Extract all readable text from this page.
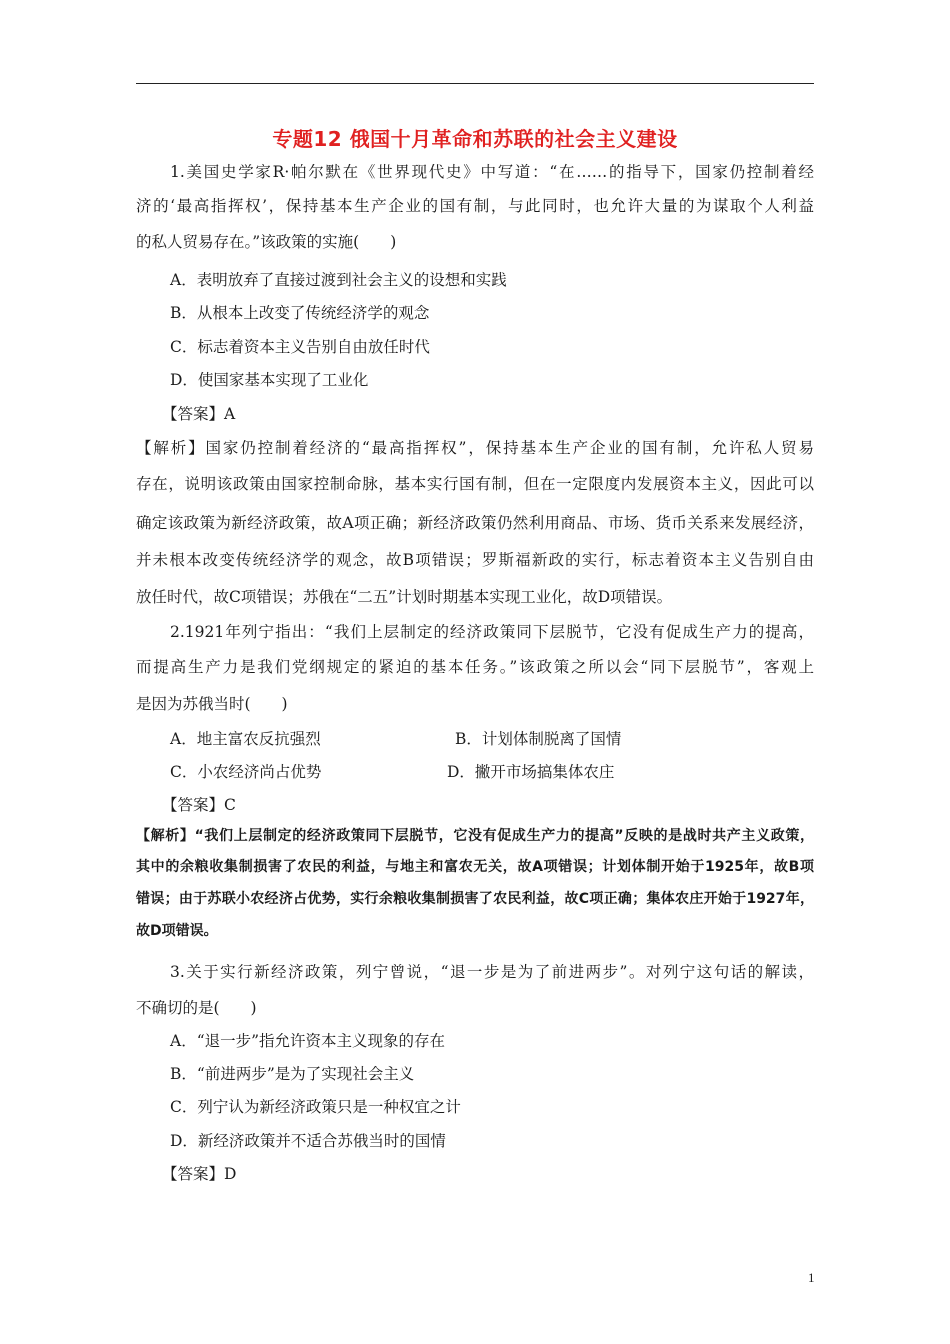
专题12 俄国十月革命和苏联的社会主义建设
1.美国史学家R·帕尔默在《世界现代史》中写道：“在……的指导下，国家仍控制着经
济的‘最高指挥权’，保持基本生产企业的国有制，与此同时，也允许大量的为谋取个人利益
的私人贸易存在。”该政策的实施(　　)
A．表明放弃了直接过渡到社会主义的设想和实践
B．从根本上改变了传统经济学的观念
C．标志着资本主义告别自由放任时代
D．使国家基本实现了工业化
【答案】A
【解析】国家仍控制着经济的“最高指挥权”，保持基本生产企业的国有制，允许私人贸易
存在，说明该政策由国家控制命脉，基本实行国有制，但在一定限度内发展资本主义，因此可以
确定该政策为新经济政策，故A项正确；新经济政策仍然利用商品、市场、货币关系来发展经济，
并未根本改变传统经济学的观念，故B项错误；罗斯福新政的实行，标志着资本主义告别自由
放任时代，故C项错误；苏俄在“二五”计划时期基本实现工业化，故D项错误。
2.1921年列宁指出：“我们上层制定的经济政策同下层脱节，它没有促成生产力的提高，
而提高生产力是我们党纲规定的紧迫的基本任务。”该政策之所以会“同下层脱节”，客观上
是因为苏俄当时(　　)
A．地主富农反抗强烈	B．计划体制脱离了国情
C．小农经济尚占优势	D．撇开市场搞集体农庄
【答案】C
【解析】“我们上层制定的经济政策同下层脱节，它没有促成生产力的提高”反映的是战时共产主义政策，
其中的余粮收集制损害了农民的利益，与地主和富农无关，故A项错误；计划体制开始于1925年，故B项
错误；由于苏联小农经济占优势，实行余粮收集制损害了农民利益，故C项正确；集体农庄开始于1927年，
故D项错误。
3.关于实行新经济政策，列宁曾说，“退一步是为了前进两步”。对列宁这句话的解读，
不确切的是(　　)
A．“退一步”指允许资本主义现象的存在
B．“前进两步”是为了实现社会主义
C．列宁认为新经济政策只是一种权宜之计
D．新经济政策并不适合苏俄当时的国情
【答案】D
1
